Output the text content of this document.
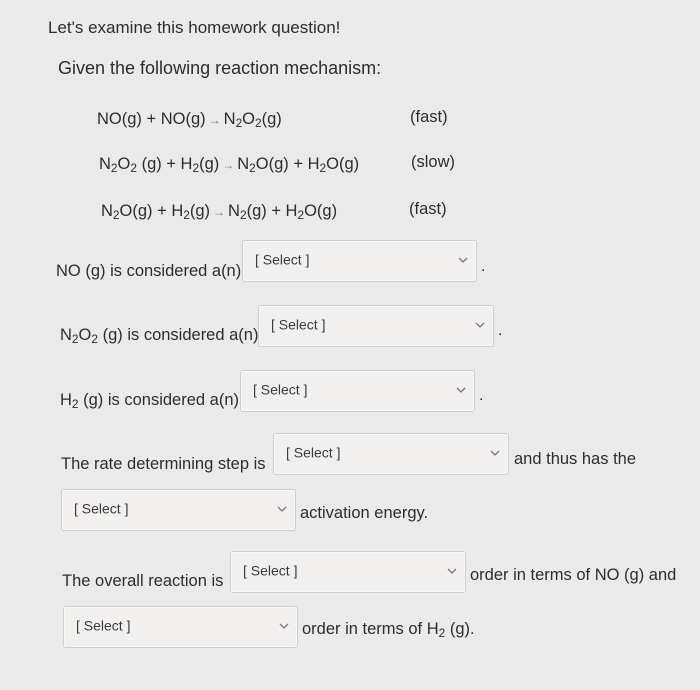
Let's examine this homework question!
Given the following reaction mechanism:
$NO(g) + NO(g) \to N_2O_2(g)$	(fast)
$N_2O_2$ $(g) + H_2(g) \to N_2O(g) + H_2O(g)$	(slow)
$N_2O(g) + H_2(g) \to N_2(g) + H_2O(g)$	(fast)
NO (g) is considered a(n)
[ Select ]	.
$N_2O_2$ (g) is considered a(n)
[ Select ]	.
$H_2$ (g) is considered a(n)
[ Select ]	.
The rate determining step is
[ Select ]	and thus has the
[ Select ]	activation energy.
The overall reaction is
[ Select ]	order in terms of NO (g) and
[ Select ]	order in terms of $H_2$ (g).
